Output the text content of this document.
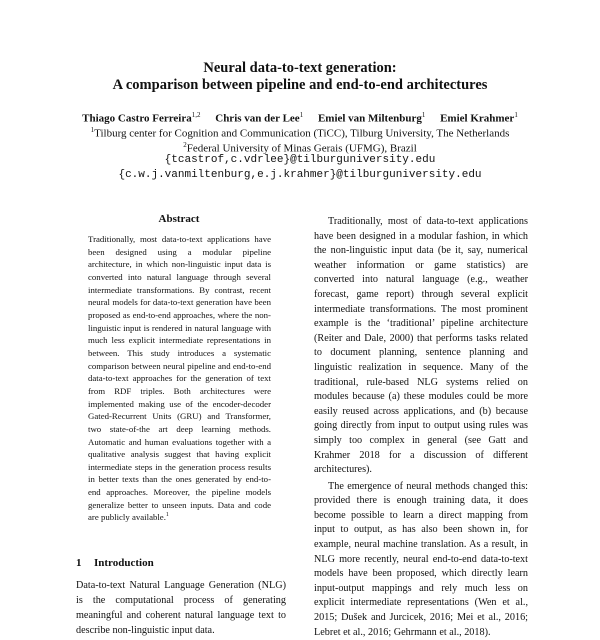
Neural data-to-text generation:
A comparison between pipeline and end-to-end architectures
Thiago Castro Ferreira$^{1,2}$ Chris van der Lee$^1$ Emiel van Miltenburg$^1$ Emiel Krahmer$^1$
$^1$Tilburg center for Cognition and Communication (TiCC), Tilburg University, The Netherlands
$^2$Federal University of Minas Gerais (UFMG), Brazil
{tcastrof,c.vdrlee}@tilburguniversity.edu
{c.w.j.vanmiltenburg,e.j.krahmer}@tilburguniversity.edu
Abstract
Traditionally, most data-to-text applications have been designed using a modular pipeline architecture, in which non-linguistic input data is converted into natural language through several intermediate transformations. By contrast, recent neural models for data-to-text generation have been proposed as end-to-end approaches, where the non-linguistic input is rendered in natural language with much less explicit intermediate representations in between. This study introduces a systematic comparison between neural pipeline and end-to-end data-to-text approaches for the generation of text from RDF triples. Both architectures were implemented making use of the encoder-decoder Gated-Recurrent Units (GRU) and Transformer, two state-of-the art deep learning methods. Automatic and human evaluations together with a qualitative analysis suggest that having explicit intermediate steps in the generation process results in better texts than the ones generated by end-to-end approaches. Moreover, the pipeline models generalize better to unseen inputs. Data and code are publicly available.$^1$
1 Introduction
Data-to-text Natural Language Generation (NLG) is the computational process of generating meaningful and coherent natural language text to describe non-linguistic input data.

Traditionally, most of data-to-text applications have been designed in a modular fashion, in which the non-linguistic input data (be it, say, numerical weather information or game statistics) are converted into natural language (e.g., weather forecast, game report) through several explicit intermediate transformations. The most prominent example is the ‘traditional’ pipeline architecture (Reiter and Dale, 2000) that performs tasks related to document planning, sentence planning and linguistic realization in sequence. Many of the traditional, rule-based NLG systems relied on modules because (a) these modules could be more easily reused across applications, and (b) because going directly from input to output using rules was simply too complex in general (see Gatt and Krahmer 2018 for a discussion of different architectures).

The emergence of neural methods changed this: provided there is enough training data, it does become possible to learn a direct mapping from input to output, as has also been shown in, for example, neural machine translation. As a result, in NLG more recently, neural end-to-end data-to-text models have been proposed, which directly learn input-output mappings and rely much less on explicit intermediate representations (Wen et al., 2015; Dušek and Jurcicek, 2016; Mei et al., 2016; Lebret et al., 2016; Gehrmann et al., 2018).
